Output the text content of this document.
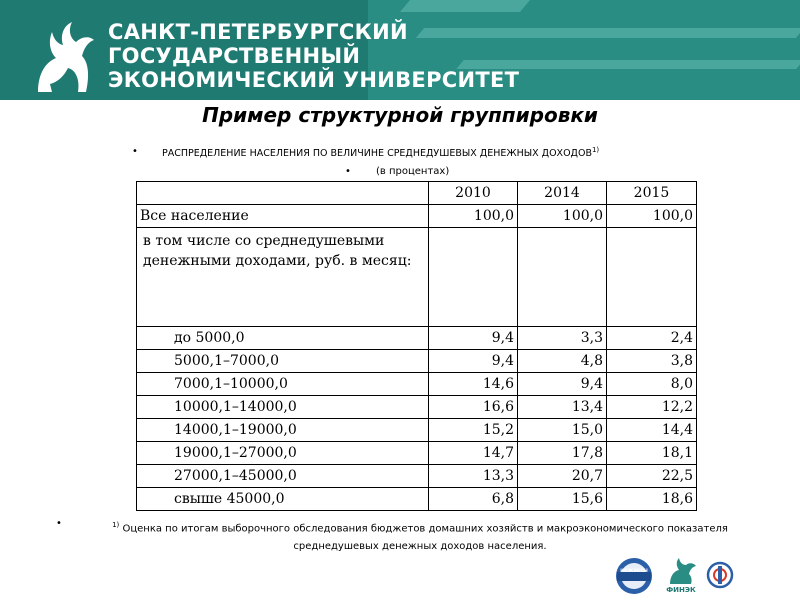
САНКТ-ПЕТЕРБУРГСКИЙ
ГОСУДАРСТВЕННЫЙ
ЭКОНОМИЧЕСКИЙ УНИВЕРСИТЕТ
Пример структурной группировки
•	РАСПРЕДЕЛЕНИЕ НАСЕЛЕНИЯ ПО ВЕЛИЧИНЕ СРЕДНЕДУШЕВЫХ ДЕНЕЖНЫХ ДОХОДОВ$^{1)}$
•	(в процентах)
	2010	2014	2015
Все население	100,0	100,0	100,0
в том числе со среднедушевыми денежными доходами, руб. в месяц:			
до 5000,0	9,4	3,3	2,4
5000,1–7000,0	9,4	4,8	3,8
7000,1–10000,0	14,6	9,4	8,0
10000,1–14000,0	16,6	13,4	12,2
14000,1–19000,0	15,2	15,0	14,4
19000,1–27000,0	14,7	17,8	18,1
27000,1–45000,0	13,3	20,7	22,5
свыше 45000,0	6,8	15,6	18,6
•	$^{1)}$ Оценка по итогам выборочного обследования бюджетов домашних хозяйств и макроэкономического показателя среднедушевых денежных доходов населения.
ИНЖЭКОН
ФИНЭК
